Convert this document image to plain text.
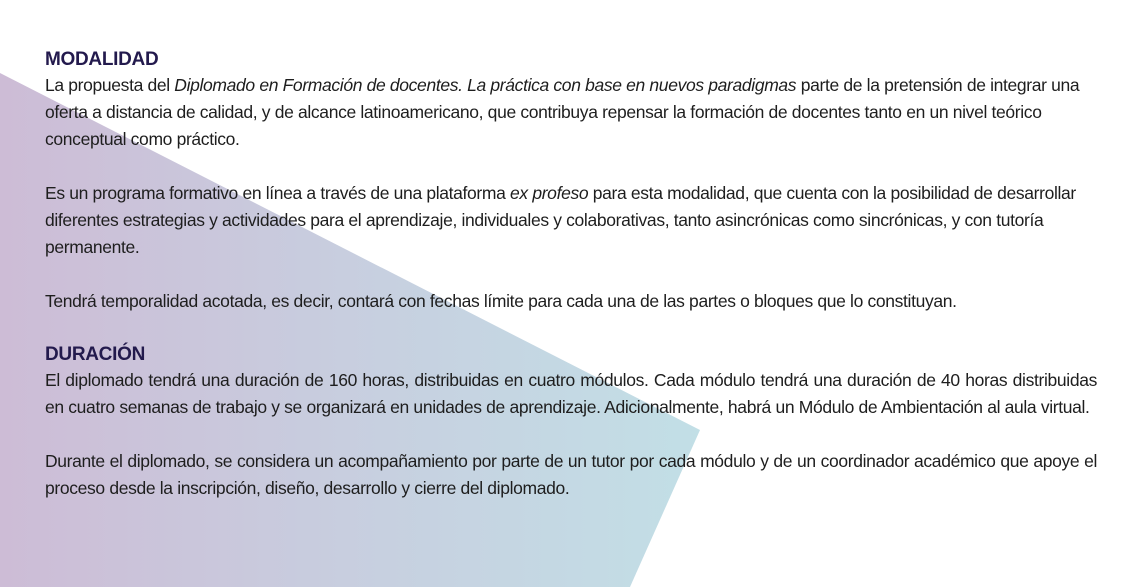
MODALIDAD

La propuesta del Diplomado en Formación de docentes. La práctica con base en nuevos paradigmas parte de la pretensión de integrar una oferta a distancia de calidad, y de alcance latinoamericano, que contribuya repensar la formación de docentes tanto en un nivel teórico conceptual como práctico.

Es un programa formativo en línea a través de una plataforma ex profeso para esta modalidad, que cuenta con la posibilidad de desarrollar diferentes estrategias y actividades para el aprendizaje, individuales y colaborativas, tanto asincrónicas como sincrónicas, y con tutoría permanente.

Tendrá temporalidad acotada, es decir, contará con fechas límite para cada una de las partes o bloques que lo constituyan.

DURACIÓN

El diplomado tendrá una duración de 160 horas, distribuidas en cuatro módulos. Cada módulo tendrá una duración de 40 horas distribuidas en cuatro semanas de trabajo y se organizará en unidades de aprendizaje. Adicionalmente, habrá un Módulo de Ambientación al aula virtual.

Durante el diplomado, se considera un acompañamiento por parte de un tutor por cada módulo y de un coordinador académico que apoye el proceso desde la inscripción, diseño, desarrollo y cierre del diplomado.
